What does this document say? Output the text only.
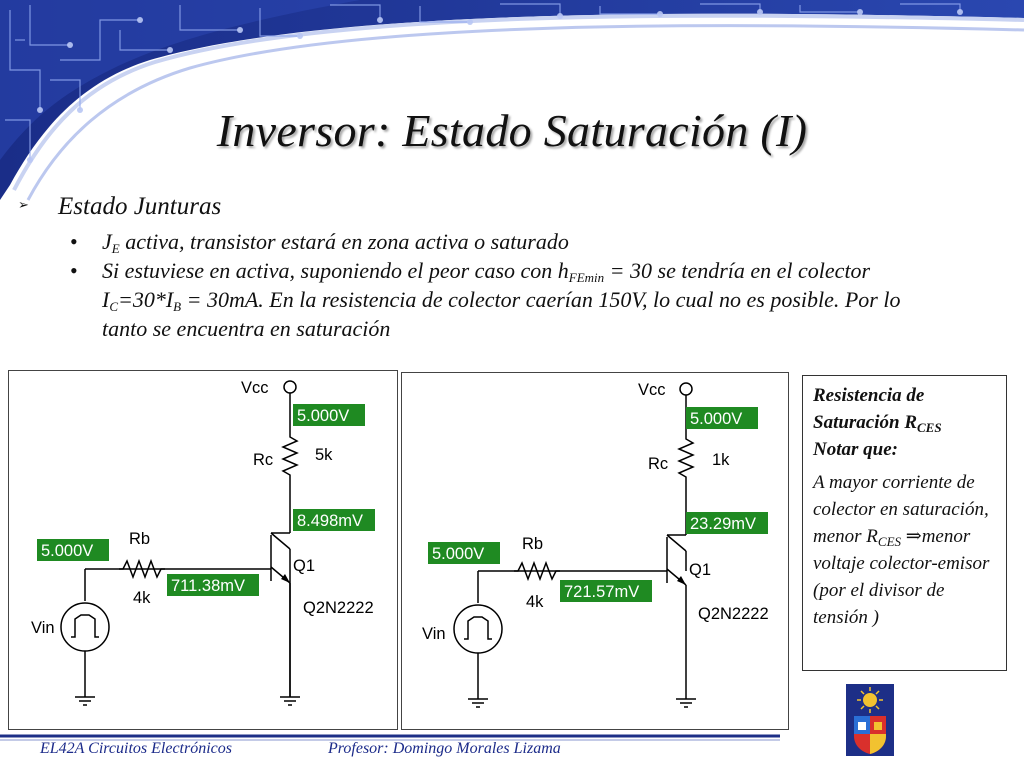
Inversor: Estado Saturación (I)
➢ Estado Junturas
• $J_E$ activa, transistor estará en zona activa o saturado
• Si estuviese en activa, suponiendo el peor caso con $h_{FEmin} = 30$ se tendría en el colector $I_C=30*I_B = 30mA$. En la resistencia de colector caerían 150V, lo cual no es posible. Por lo tanto se encuentra en saturación
Vcc
Rc	5k
Rb
4k
Vin
Q1
Q2N2222
5.000V
8.498mV
5.000V
711.38mV
Vcc
Rc	1k
Rb
4k
Vin
Q1
Q2N2222
5.000V
23.29mV
5.000V
721.57mV
Resistencia de Saturación $R_{CES}$
Notar que:
A mayor corriente de colector en saturación, menor $R_{CES}$ ⇒menor voltaje colector-emisor (por el divisor de tensión )
EL42A Circuitos Electrónicos	Profesor: Domingo Morales Lizama
